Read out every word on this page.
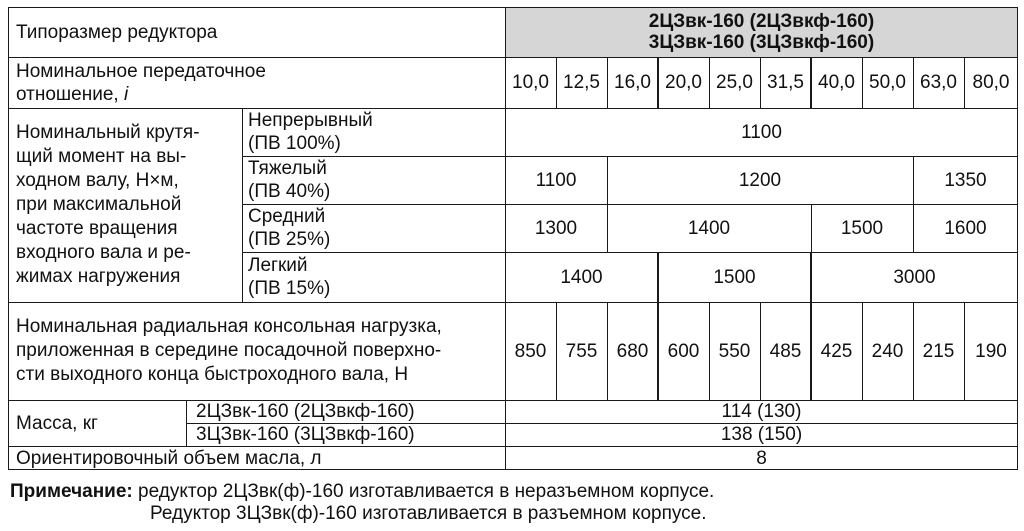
Типоразмер редуктора	2ЦЗвк-160 (2ЦЗвкф-160)
3ЦЗвк-160 (3ЦЗвкф-160)
Номинальное передаточное
отношение, i
10,0 12,5 16,0 20,0 25,0 31,5 40,0 50,0 63,0 80,0
Номинальный крутя-
щий момент на вы-
ходном валу, Н×м,
при максимальной
частоте вращения
входного вала и ре-
жимах нагружения
Непрерывный
(ПВ 100%)
1100
Тяжелый
(ПВ 40%)
1100	1200	1350
Средний
(ПВ 25%)
1300	1400	1500	1600
Легкий
(ПВ 15%)
1400	1500	3000
Номинальная радиальная консольная нагрузка,
приложенная в середине посадочной поверхно-
сти выходного конца быстроходного вала, Н
850	755	680	600	550	485	425	240	215	190
Масса, кг
2ЦЗвк-160 (2ЦЗвкф-160)	114 (130)
3ЦЗвк-160 (3ЦЗвкф-160)	138 (150)
Ориентировочный объем масла, л	8
Примечание: редуктор 2ЦЗвк(ф)-160 изготавливается в неразъемном корпусе.
Редуктор 3ЦЗвк(ф)-160 изготавливается в разъемном корпусе.
